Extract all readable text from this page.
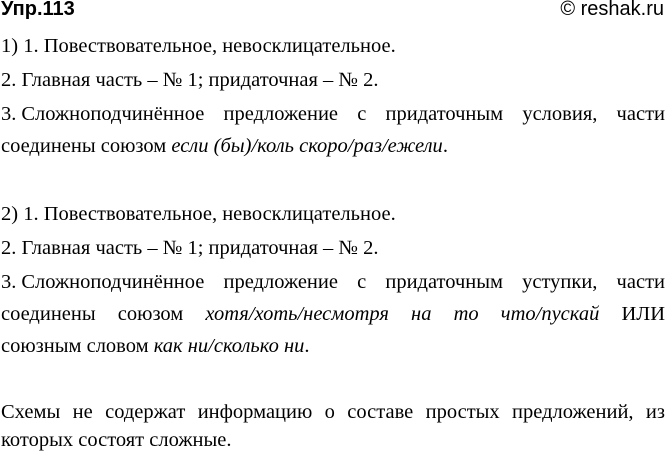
Упр.113	© reshak.ru
1) 1. Повествовательное, невосклицательное.
2. Главная часть – № 1; придаточная – № 2.
3. Сложноподчинённое предложение с придаточным условия, части
соединены союзом если (бы)/коль скоро/раз/ежели.
2) 1. Повествовательное, невосклицательное.
2. Главная часть – № 1; придаточная – № 2.
3. Сложноподчинённое предложение с придаточным уступки, части
соединены союзом хотя/хоть/несмотря на то что/пускай ИЛИ
союзным словом как ни/сколько ни.
Схемы не содержат информацию о составе простых предложений, из
которых состоят сложные.
